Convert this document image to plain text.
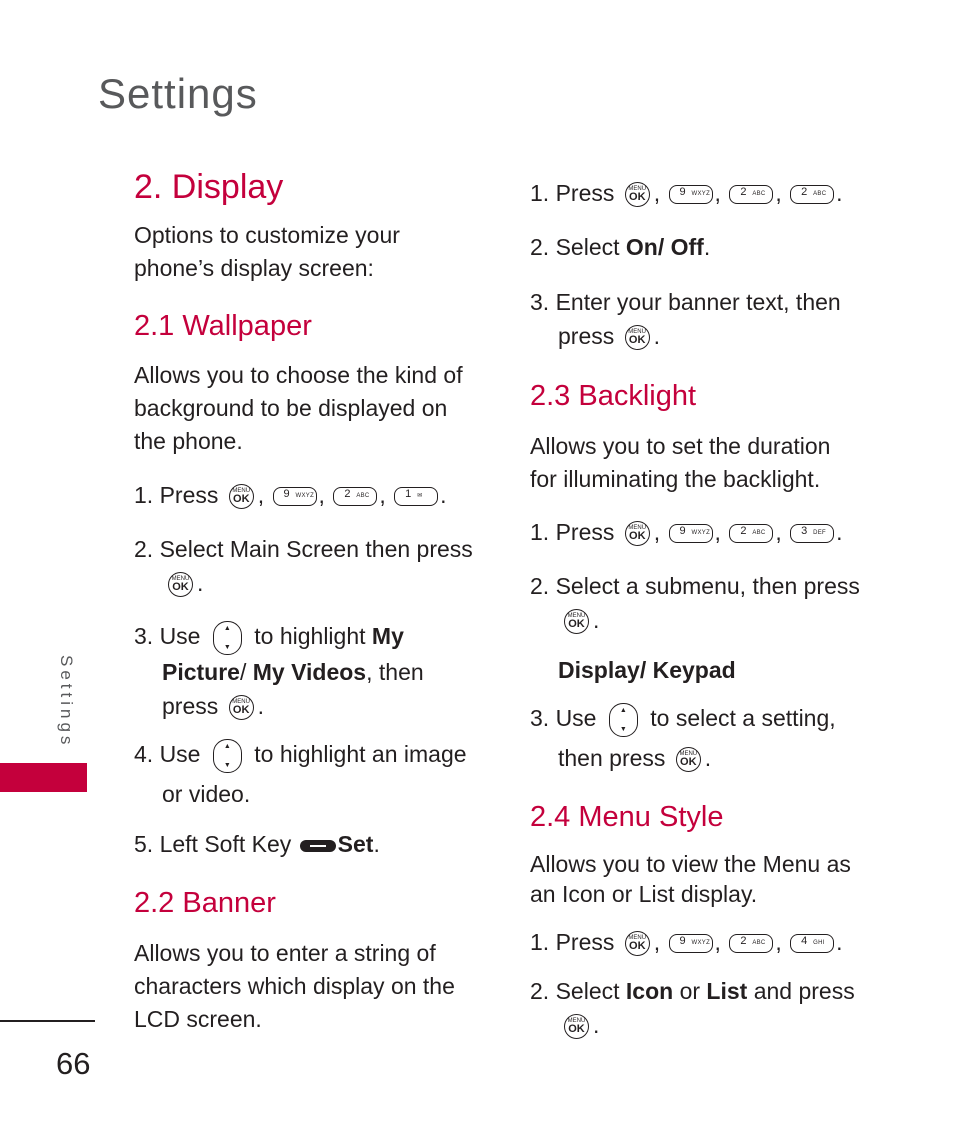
Settings
2. Display

Options to customize your

phone’s display screen:

2.1 Wallpaper

Allows you to choose the kind of

background to be displayed on

the phone.

1. Press	MENU
OK , 9 WXYZ , 2 ABC , 1 ✉ .
2. Select Main Screen then press
MENU
OK .
3. Use	▲
▼	to highlight My
Picture/ My Videos, then
press	MENU
OK .
4. Use	▲
▼	to highlight an image
or video.
5. Left Soft Key Set.
2.2 Banner

Allows you to enter a string of

characters which display on the

LCD screen.

1. Press	MENU
OK , 9 WXYZ , 2 ABC , 2 ABC .
2. Select On/ Off.
3. Enter your banner text, then
press	MENU
OK .
2.3 Backlight

Allows you to set the duration

for illuminating the backlight.

1. Press	MENU
OK , 9 WXYZ , 2 ABC , 3 DEF .
2. Select a submenu, then press
MENU
OK .
Display/ Keypad
3. Use	▲
▼	to select a setting,
then press	MENU
OK .
2.4 Menu Style

Allows you to view the Menu as

an Icon or List display.

1. Press	MENU
OK , 9 WXYZ , 2 ABC , 4 GHI .
2. Select Icon or List and press
MENU
OK .
Settings
66
